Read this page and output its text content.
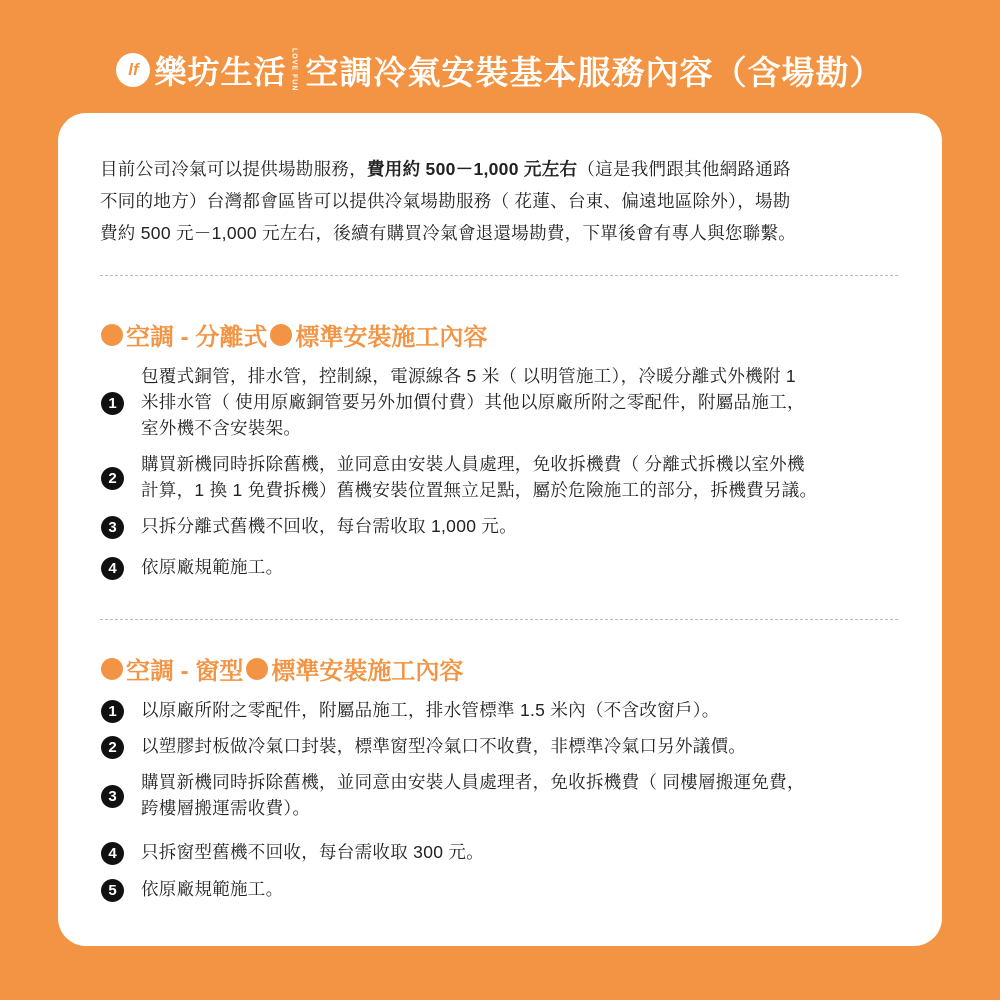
lf 樂坊生活 LOVE FUN 空調冷氣安裝基本服務內容（含場勘）
目前公司冷氣可以提供場勘服務，費用約 500－1,000 元左右（這是我們跟其他網路通路
不同的地方）台灣都會區皆可以提供冷氣場勘服務（ 花蓮、台東、偏遠地區除外），場勘
費約 500 元－1,000 元左右，後續有購買冷氣會退還場勘費，下單後會有專人與您聯繫。
空調 - 分離式 標準安裝施工內容
1
包覆式銅管，排水管，控制線，電源線各 5 米（ 以明管施工），冷暖分離式外機附 1
米排水管（ 使用原廠銅管要另外加價付費）其他以原廠所附之零配件，附屬品施工，
室外機不含安裝架。
2
購買新機同時拆除舊機，並同意由安裝人員處理，免收拆機費（ 分離式拆機以室外機
計算，1 換 1 免費拆機）舊機安裝位置無立足點，屬於危險施工的部分，拆機費另議。
3	只拆分離式舊機不回收，每台需收取 1,000 元。
4	依原廠規範施工。
空調 - 窗型 標準安裝施工內容
1	以原廠所附之零配件，附屬品施工，排水管標準 1.5 米內（不含改窗戶）。
2	以塑膠封板做冷氣口封裝，標準窗型冷氣口不收費，非標準冷氣口另外議價。
3
購買新機同時拆除舊機，並同意由安裝人員處理者，免收拆機費（ 同樓層搬運免費，
跨樓層搬運需收費）。
4	只拆窗型舊機不回收，每台需收取 300 元。
5	依原廠規範施工。
